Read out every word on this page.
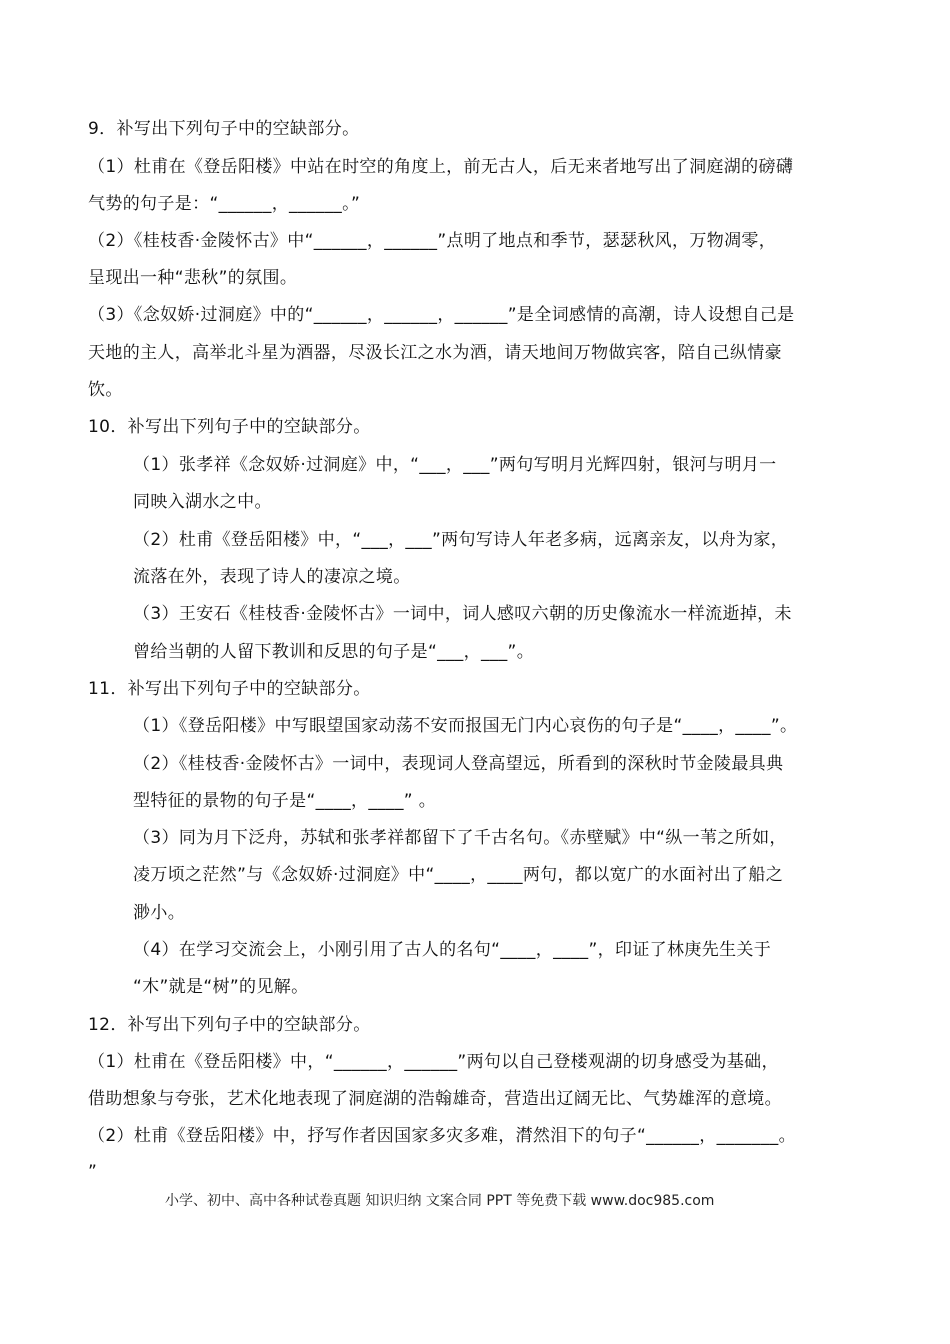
9．补写出下列句子中的空缺部分。
（1）杜甫在《登岳阳楼》中站在时空的角度上，前无古人，后无来者地写出了洞庭湖的磅礴
气势的句子是：“______，______。”
（2）《桂枝香·金陵怀古》中“______，______”点明了地点和季节，瑟瑟秋风，万物凋零，
呈现出一种“悲秋”的氛围。
（3）《念奴娇·过洞庭》中的“______，______，______”是全词感情的高潮，诗人设想自己是
天地的主人，高举北斗星为酒器，尽汲长江之水为酒，请天地间万物做宾客，陪自己纵情豪
饮。
10．补写出下列句子中的空缺部分。
（1）张孝祥《念奴娇·过洞庭》中，“___，___”两句写明月光辉四射，银河与明月一
同映入湖水之中。
（2）杜甫《登岳阳楼》中，“___，___”两句写诗人年老多病，远离亲友，以舟为家，
流落在外，表现了诗人的凄凉之境。
（3）王安石《桂枝香·金陵怀古》一词中，词人感叹六朝的历史像流水一样流逝掉，未
曾给当朝的人留下教训和反思的句子是“___，___”。
11．补写出下列句子中的空缺部分。
（1）《登岳阳楼》中写眼望国家动荡不安而报国无门内心哀伤的句子是“____，____”。
（2）《桂枝香·金陵怀古》一词中，表现词人登高望远，所看到的深秋时节金陵最具典
型特征的景物的句子是“____，____” 。
（3）同为月下泛舟，苏轼和张孝祥都留下了千古名句。《赤壁赋》中“纵一苇之所如，
凌万顷之茫然”与《念奴娇·过洞庭》中“____，____两句，都以宽广的水面衬出了船之
渺小。
（4）在学习交流会上，小刚引用了古人的名句“____，____”，印证了林庚先生关于
“木”就是“树”的见解。
12．补写出下列句子中的空缺部分。
（1）杜甫在《登岳阳楼》中，“______，______”两句以自己登楼观湖的切身感受为基础，
借助想象与夸张，艺术化地表现了洞庭湖的浩翰雄奇，营造出辽阔无比、气势雄浑的意境。
（2）杜甫《登岳阳楼》中，抒写作者因国家多灾多难，潸然泪下的句子“______，_______。
”
小学、初中、高中各种试卷真题 知识归纳 文案合同 PPT 等免费下载 www.doc985.com
